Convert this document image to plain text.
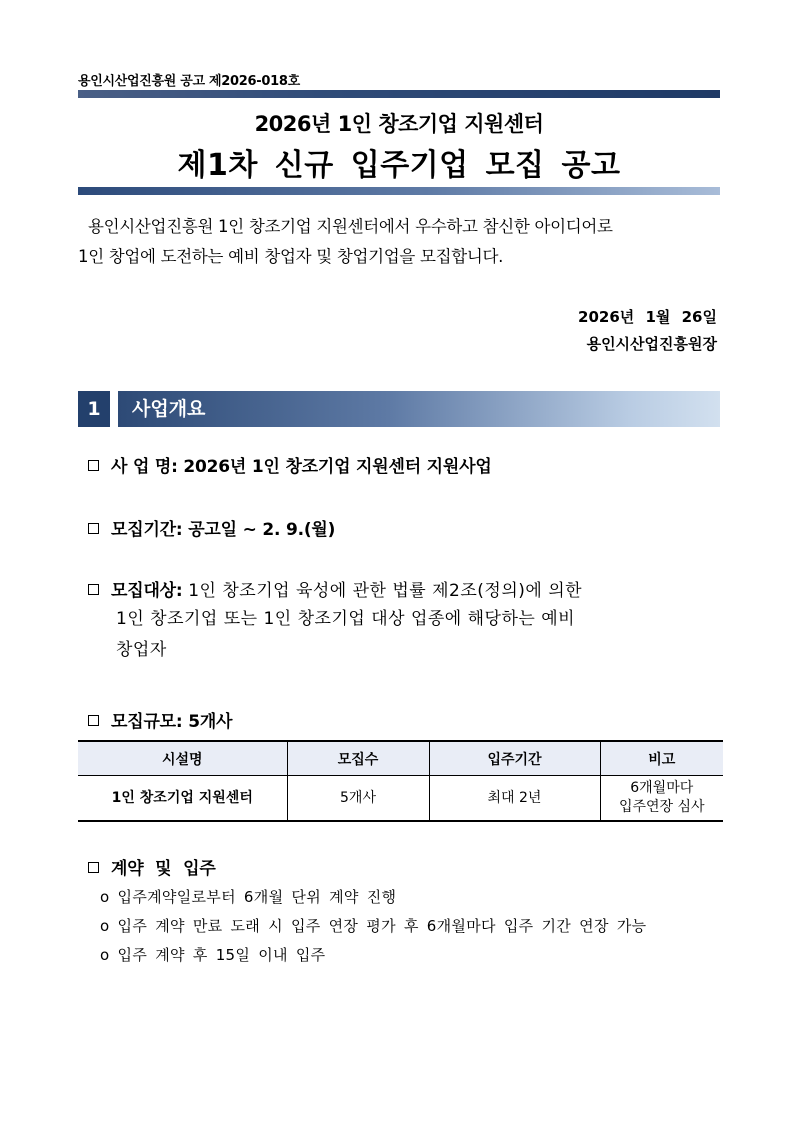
용인시산업진흥원 공고 제2026-018호
2026년 1인 창조기업 지원센터
제1차 신규 입주기업 모집 공고
용인시산업진흥원 1인 창조기업 지원센터에서 우수하고 참신한 아이디어로
1인 창업에 도전하는 예비 창업자 및 창업기업을 모집합니다.
2026년 1월 26일
용인시산업진흥원장
1	사업개요
사 업 명: 2026년 1인 창조기업 지원센터 지원사업
모집기간: 공고일 ~ 2. 9.(월)
모집대상: 1인 창조기업 육성에 관한 법률 제2조(정의)에 의한
1인 창조기업 또는 1인 창조기업 대상 업종에 해당하는 예비
창업자
모집규모: 5개사
시설명	모집수	입주기간	비고
1인 창조기업 지원센터	5개사	최대 2년	6개월마다
입주연장 심사
계약 및 입주
o 입주계약일로부터 6개월 단위 계약 진행
o 입주 계약 만료 도래 시 입주 연장 평가 후 6개월마다 입주 기간 연장 가능
o 입주 계약 후 15일 이내 입주
